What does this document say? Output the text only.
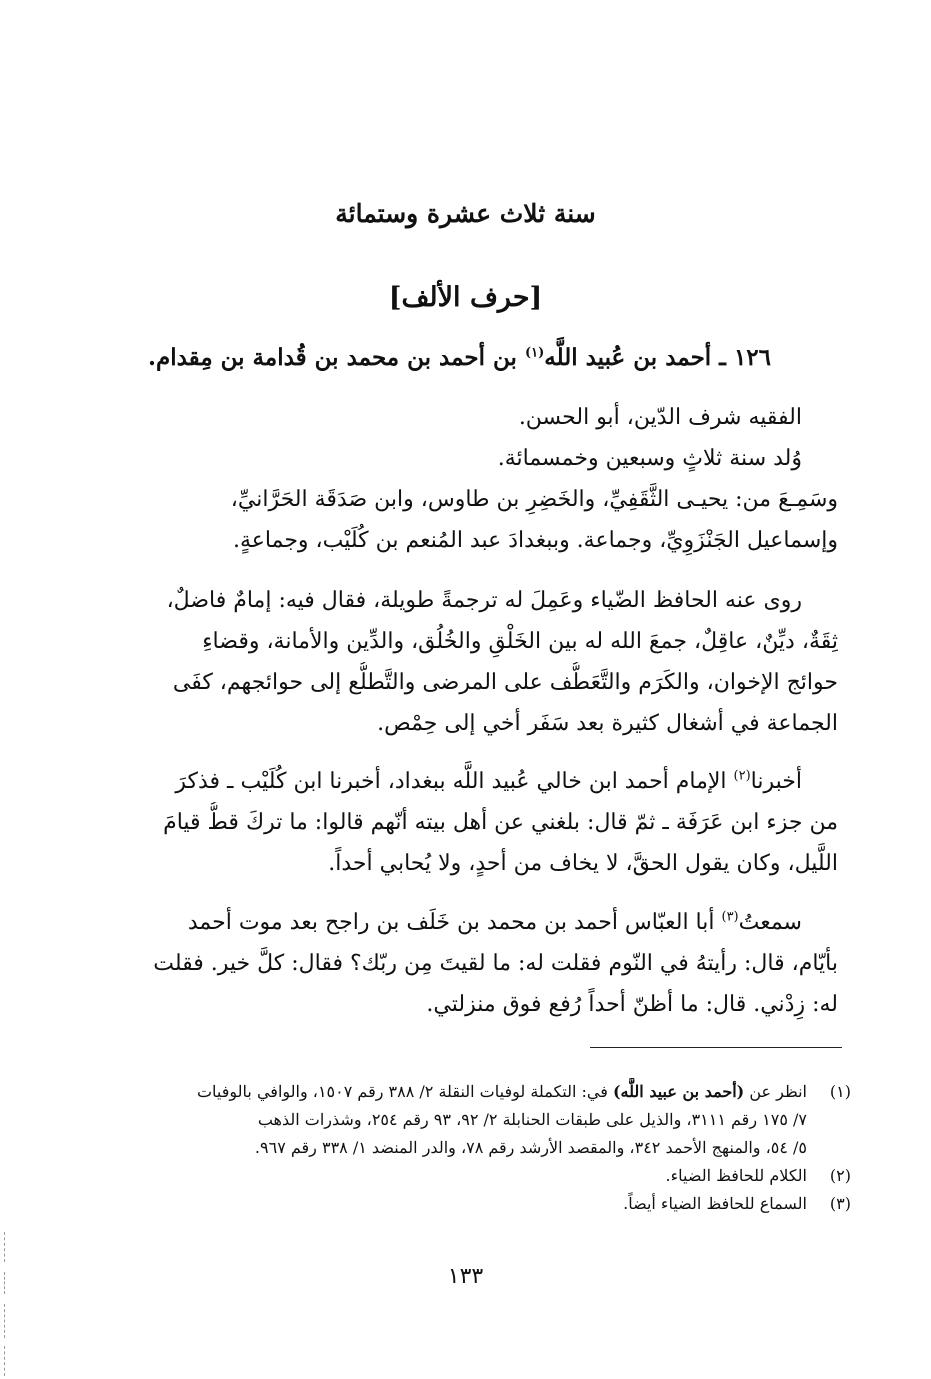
سنة ثلاث عشرة وستمائة
[حرف الألف]
١٢٦ ـ أحمد بن عُبيد اللَّه$^{(١)}$ بن أحمد بن محمد بن قُدامة بن مِقدام.
الفقيه شرف الدّين، أبو الحسن.
وُلد سنة ثلاثٍ وسبعين وخمسمائة.
وسَمِـعَ من: يحيـى الثَّقَفِيِّ، والخَضِرِ بن طاوس، وابن صَدَقَة الحَرَّانيِّ،
وإسماعيل الجَنْزَوِيِّ، وجماعة. وببغدادَ عبد المُنعم بن كُلَيْب، وجماعةٍ.
روى عنه الحافظ الضّياء وعَمِلَ له ترجمةً طويلة، فقال فيه: إمامٌ فاضلٌ،
ثِقَةٌ، ديِّنٌ، عاقِلٌ، جمعَ الله له بين الخَلْقِ والخُلُق، والدِّين والأمانة، وقضاءِ
حوائج الإخوان، والكَرَم والتَّعَطُّف على المرضى والتَّطلُّع إلى حوائجهم، كفَى
الجماعة في أشغال كثيرة بعد سَفَر أخي إلى حِمْص.
أخبرنا$^{(٢)}$ الإمام أحمد ابن خالي عُبيد اللَّه ببغداد، أخبرنا ابن كُلَيْب ـ فذكرَ
من جزء ابن عَرَفَة ـ ثمّ قال: بلغني عن أهل بيته أنّهم قالوا: ما تركَ قطُّ قيامَ
اللَّيل، وكان يقول الحقَّ، لا يخاف من أحدٍ، ولا يُحابي أحداً.
سمعتُ$^{(٣)}$ أبا العبّاس أحمد بن محمد بن خَلَف بن راجح بعد موت أحمد
بأيّام، قال: رأيتهُ في النّوم فقلت له: ما لقيتَ مِن ربّك؟ فقال: كلَّ خير. فقلت
له: زِدْني. قال: ما أظنّ أحداً رُفع فوق منزلتي.
(١)
انظر عن (أحمد بن عبيد اللَّه) في: التكملة لوفيات النقلة ٢/ ٣٨٨ رقم ١٥٠٧، والوافي بالوفيات
٧/ ١٧٥ رقم ٣١١١، والذيل على طبقات الحنابلة ٢/ ٩٢، ٩٣ رقم ٢٥٤، وشذرات الذهب
٥/ ٥٤، والمنهج الأحمد ٣٤٢، والمقصد الأرشد رقم ٧٨، والدر المنضد ١/ ٣٣٨ رقم ٩٦٧.
(٢)
الكلام للحافظ الضياء.
(٣)
السماع للحافظ الضياء أيضاً.
١٣٣
